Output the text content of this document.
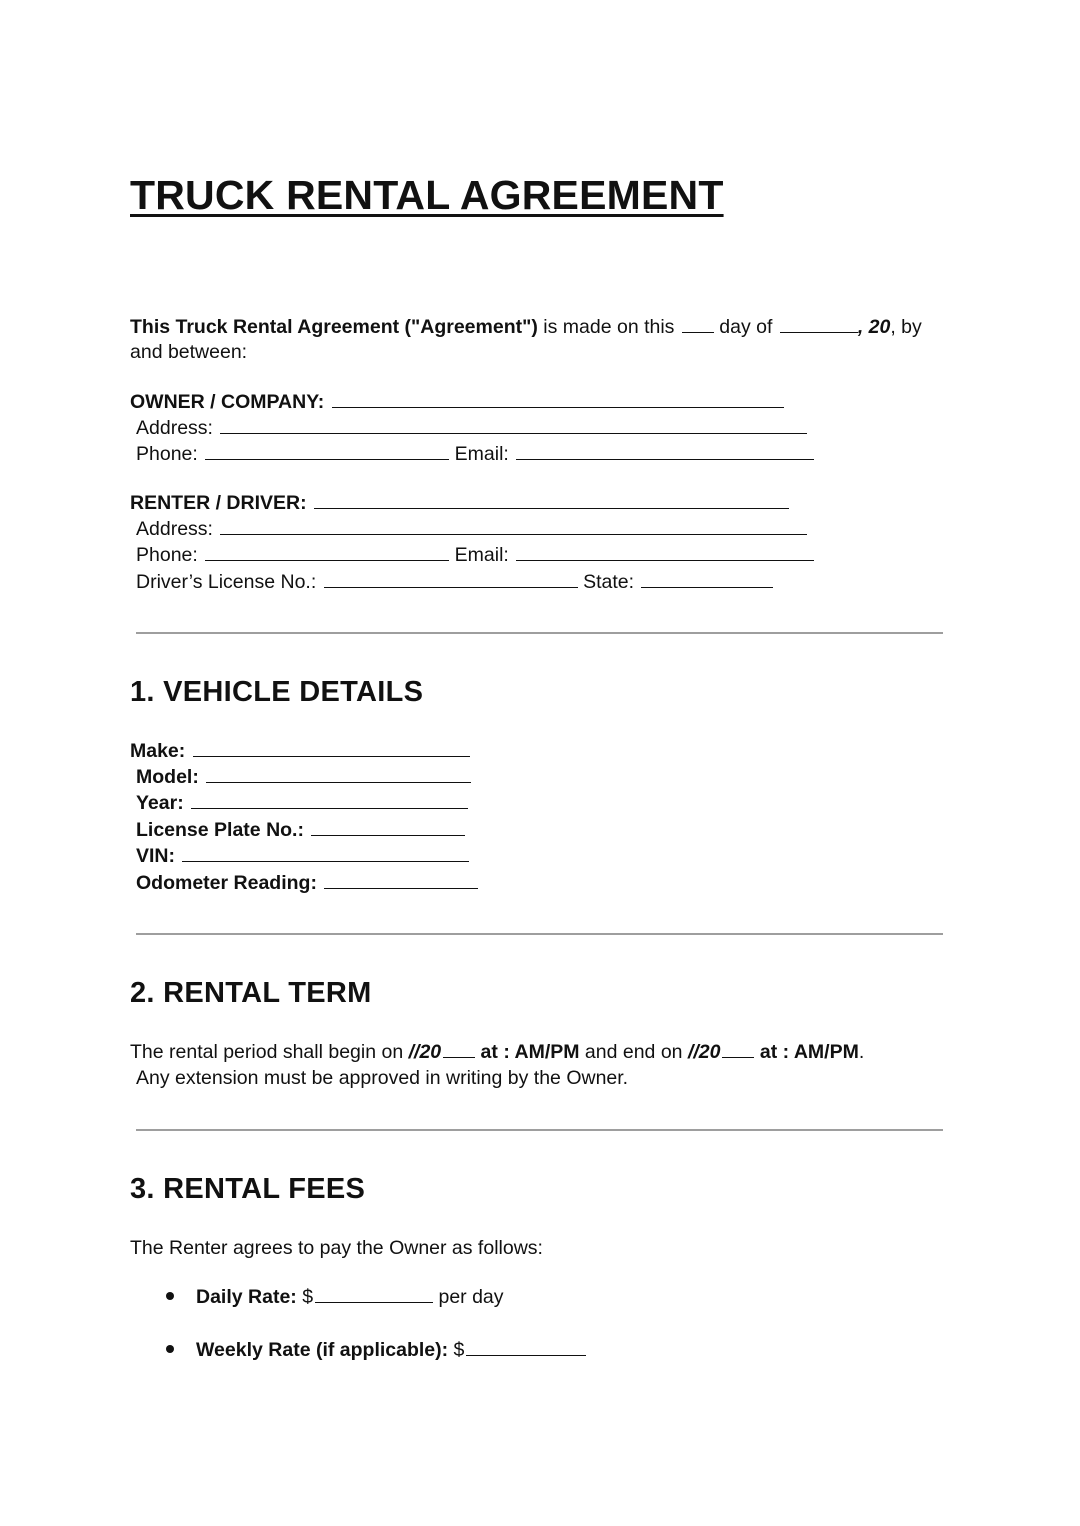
TRUCK RENTAL AGREEMENT
This Truck Rental Agreement ("Agreement") is made on this  day of	, 20, by
and between:
OWNER / COMPANY:
Address:
Phone:	Email:
RENTER / DRIVER:
Address:
Phone:	Email:
Driver’s License No.:	State:
1. VEHICLE DETAILS
Make:
Model:
Year:
License Plate No.:
VIN:
Odometer Reading:
2. RENTAL TERM
The rental period shall begin on //20 at : AM/PM and end on //20 at : AM/PM.
Any extension must be approved in writing by the Owner.
3. RENTAL FEES
The Renter agrees to pay the Owner as follows:
Daily Rate: $	per day
Weekly Rate (if applicable): $
